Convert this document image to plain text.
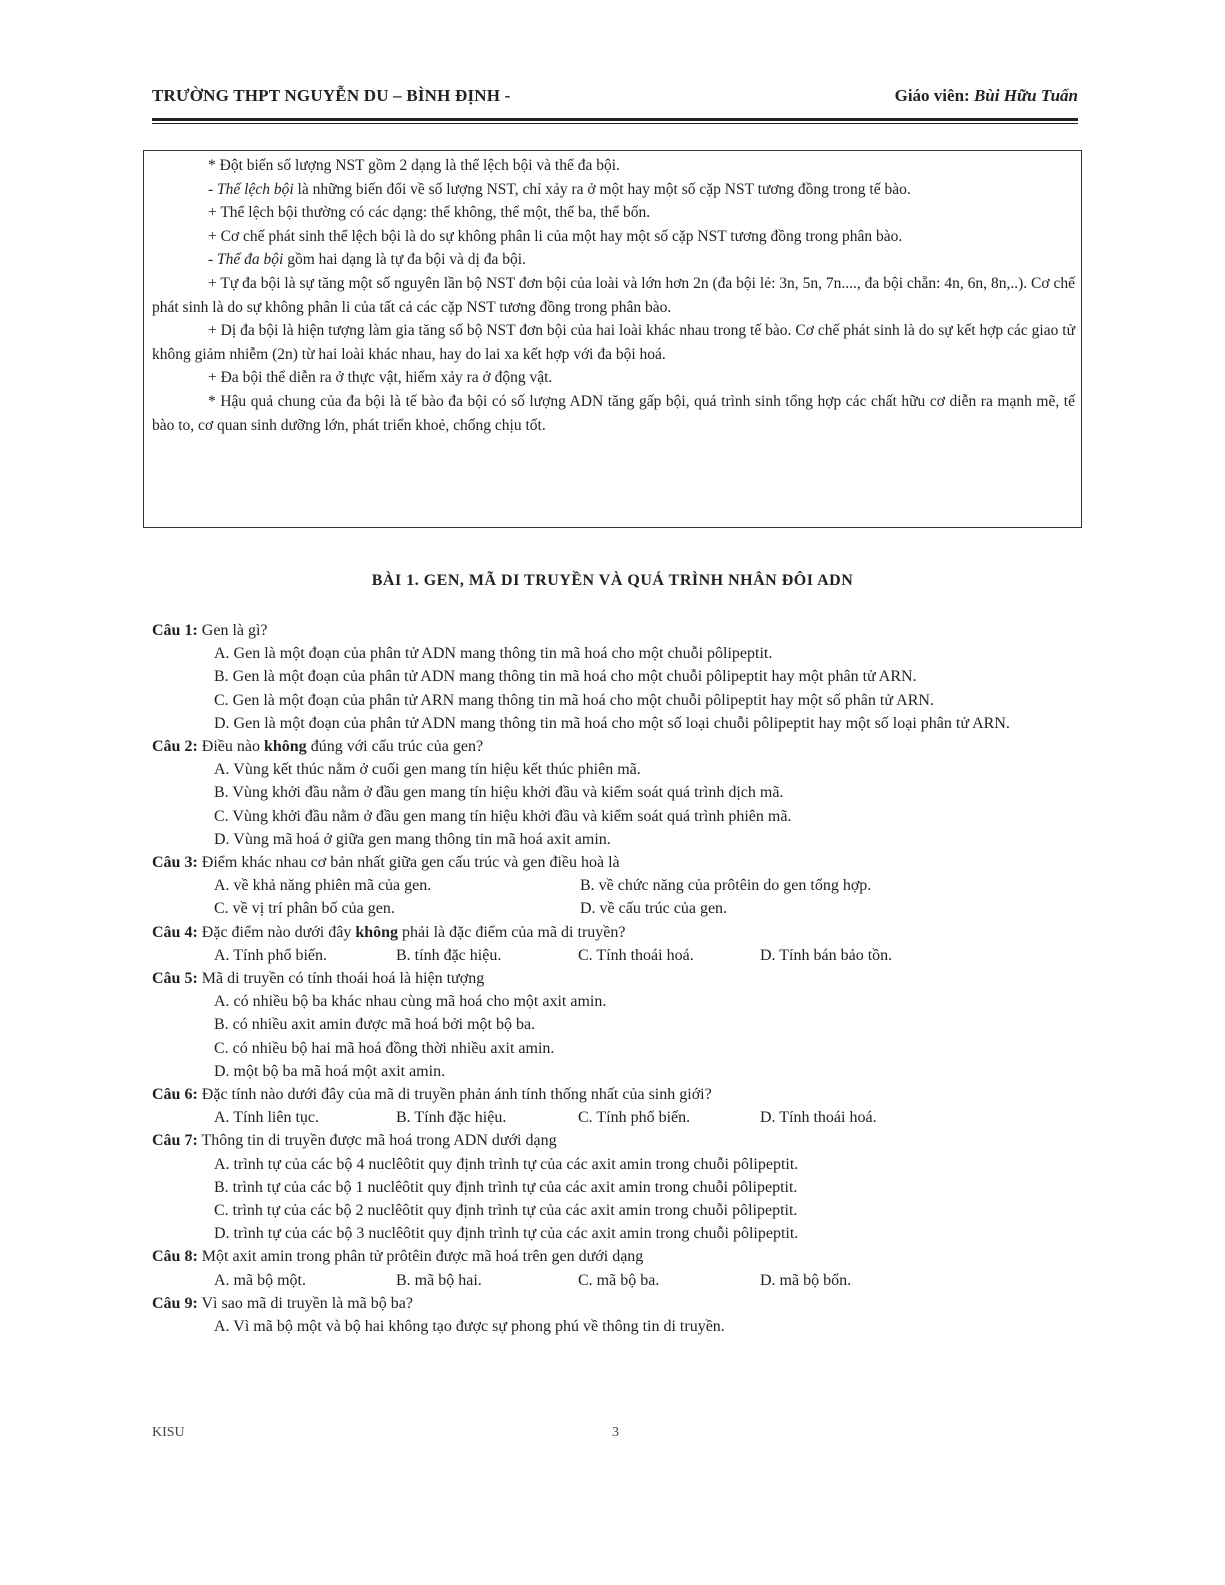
TRƯỜNG THPT NGUYỄN DU – BÌNH ĐỊNH -	Giáo viên: Bùi Hữu Tuấn

* Đột biến số lượng NST gồm 2 dạng là thể lệch bội và thể đa bội.

- Thể lệch bội là những biến đổi về số lượng NST, chỉ xảy ra ở một hay một số cặp NST tương đồng trong tế bào.

+ Thể lệch bội thường có các dạng: thể không, thể một, thể ba, thể bốn.

+ Cơ chế phát sinh thể lệch bội là do sự không phân li của một hay một số cặp NST tương đồng trong phân bào.

- Thể đa bội gồm hai dạng là tự đa bội và dị đa bội.

+ Tự đa bội là sự tăng một số nguyên lần bộ NST đơn bội của loài và lớn hơn 2n (đa bội lẻ: 3n, 5n, 7n...., đa bội chẵn: 4n, 6n, 8n,..). Cơ chế phát sinh là do sự không phân li của tất cả các cặp NST tương đồng trong phân bào.

+ Dị đa bội là hiện tượng làm gia tăng số bộ NST đơn bội của hai loài khác nhau trong tế bào. Cơ chế phát sinh là do sự kết hợp các giao tử không giảm nhiễm (2n) từ hai loài khác nhau, hay do lai xa kết hợp với đa bội hoá.

+ Đa bội thể diễn ra ở thực vật, hiếm xảy ra ở động vật.

* Hậu quả chung của đa bội là tế bào đa bội có số lượng ADN tăng gấp bội, quá trình sinh tổng hợp các chất hữu cơ diễn ra mạnh mẽ, tế bào to, cơ quan sinh dưỡng lớn, phát triển khoẻ, chống chịu tốt.

BÀI 1. GEN, MÃ DI TRUYỀN VÀ QUÁ TRÌNH NHÂN ĐÔI ADN

Câu 1: Gen là gì?

A. Gen là một đoạn của phân tử ADN mang thông tin mã hoá cho một chuỗi pôlipeptit.

B. Gen là một đoạn của phân tử ADN mang thông tin mã hoá cho một chuỗi pôlipeptit hay một phân tử ARN.

C. Gen là một đoạn của phân tử ARN mang thông tin mã hoá cho một chuỗi pôlipeptit hay một số phân tử ARN.

D. Gen là một đoạn của phân tử ADN mang thông tin mã hoá cho một số loại chuỗi pôlipeptit hay một số loại phân tử ARN.

Câu 2: Điều nào không đúng với cấu trúc của gen?

A. Vùng kết thúc nằm ở cuối gen mang tín hiệu kết thúc phiên mã.

B. Vùng khởi đầu nằm ở đầu gen mang tín hiệu khởi đầu và kiểm soát quá trình dịch mã.

C. Vùng khởi đầu nằm ở đầu gen mang tín hiệu khởi đầu và kiểm soát quá trình phiên mã.

D. Vùng mã hoá ở giữa gen mang thông tin mã hoá axit amin.

Câu 3: Điểm khác nhau cơ bản nhất giữa gen cấu trúc và gen điều hoà là

A. về khả năng phiên mã của gen.	B. về chức năng của prôtêin do gen tổng hợp.

C. về vị trí phân bố của gen.	D. về cấu trúc của gen.

Câu 4: Đặc điểm nào dưới đây không phải là đặc điểm của mã di truyền?

A. Tính phổ biến.	B. tính đặc hiệu.	C. Tính thoái hoá.	D. Tính bán bảo tồn.

Câu 5: Mã di truyền có tính thoái hoá là hiện tượng

A. có nhiều bộ ba khác nhau cùng mã hoá cho một axit amin.

B. có nhiều axit amin được mã hoá bởi một bộ ba.

C. có nhiều bộ hai mã hoá đồng thời nhiều axit amin.

D. một bộ ba mã hoá một axit amin.

Câu 6: Đặc tính nào dưới đây của mã di truyền phản ánh tính thống nhất của sinh giới?

A. Tính liên tục.	B. Tính đặc hiệu.	C. Tính phổ biến.	D. Tính thoái hoá.

Câu 7: Thông tin di truyền được mã hoá trong ADN dưới dạng

A. trình tự của các bộ 4 nuclêôtit quy định trình tự của các axit amin trong chuỗi pôlipeptit.

B. trình tự của các bộ 1 nuclêôtit quy định trình tự của các axit amin trong chuỗi pôlipeptit.

C. trình tự của các bộ 2 nuclêôtit quy định trình tự của các axit amin trong chuỗi pôlipeptit.

D. trình tự của các bộ 3 nuclêôtit quy định trình tự của các axit amin trong chuỗi pôlipeptit.

Câu 8: Một axit amin trong phân tử prôtêin được mã hoá trên gen dưới dạng

A. mã bộ một.	B. mã bộ hai.	C. mã bộ ba.	D. mã bộ bốn.

Câu 9: Vì sao mã di truyền là mã bộ ba?

A. Vì mã bộ một và bộ hai không tạo được sự phong phú về thông tin di truyền.

KISU	3
